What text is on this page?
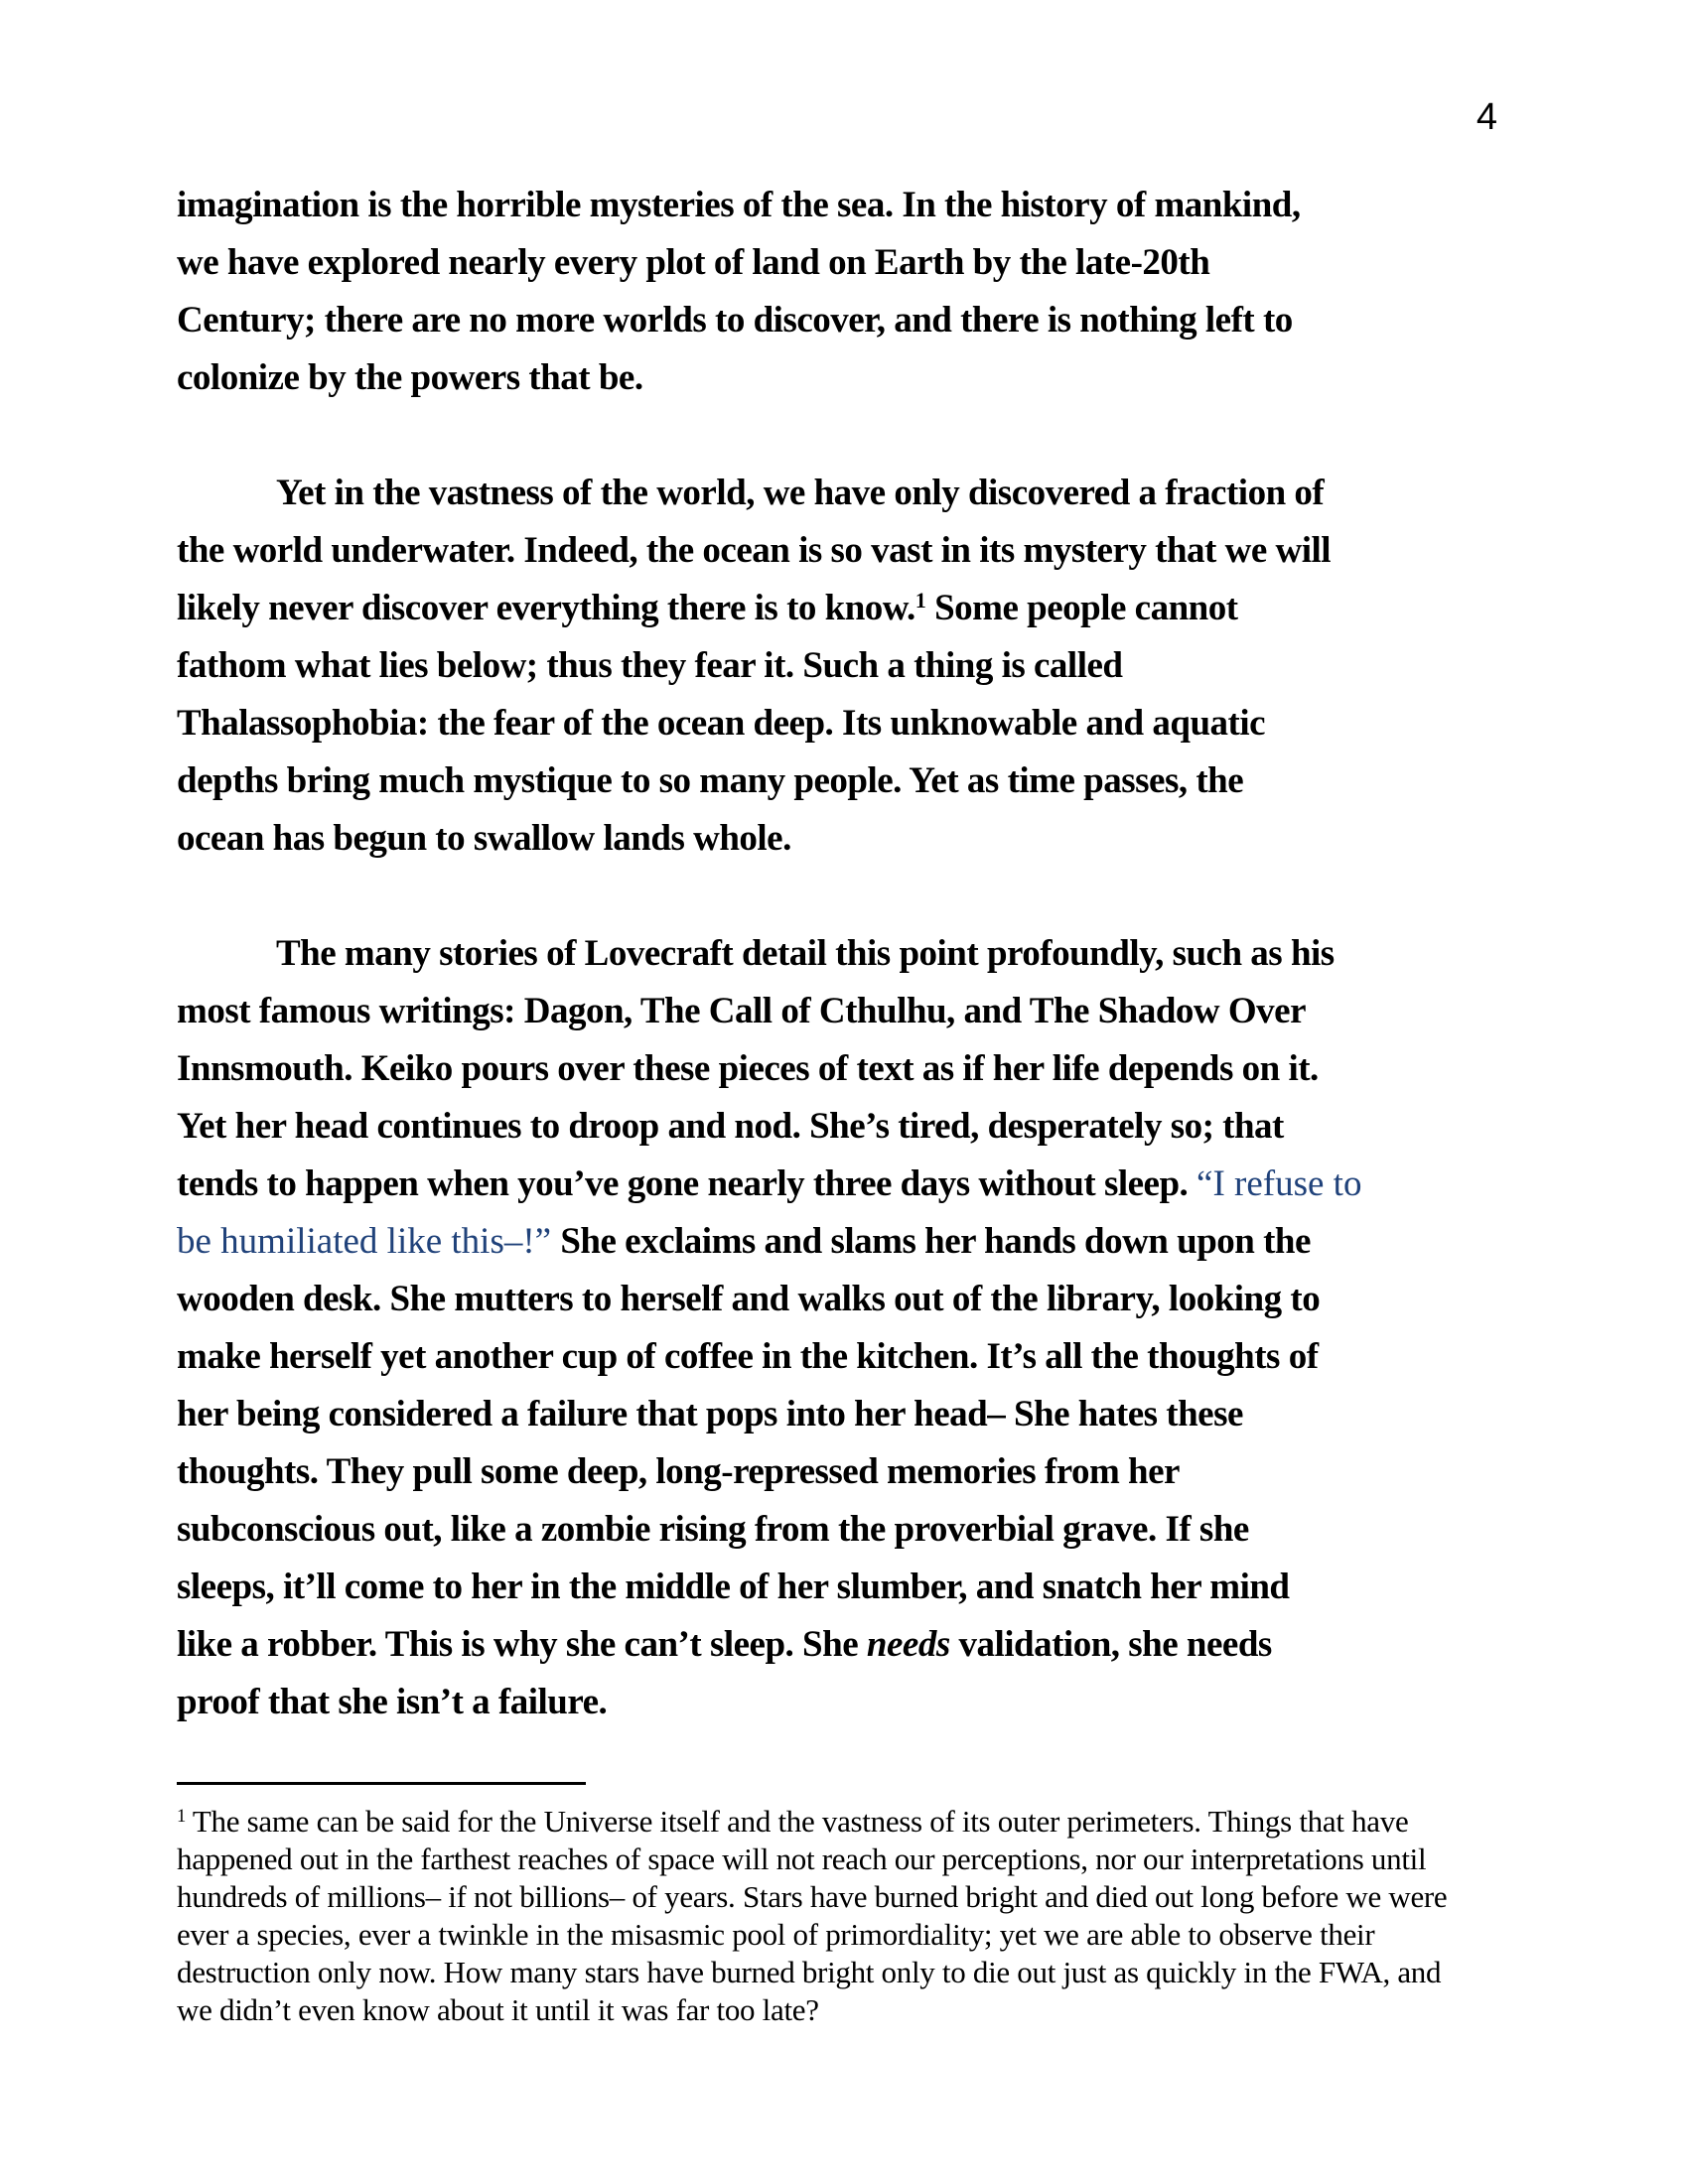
4
imagination is the horrible mysteries of the sea. In the history of mankind,
we have explored nearly every plot of land on Earth by the late-20th
Century; there are no more worlds to discover, and there is nothing left to
colonize by the powers that be.
Yet in the vastness of the world, we have only discovered a fraction of
the world underwater. Indeed, the ocean is so vast in its mystery that we will
likely never discover everything there is to know.$^1$ Some people cannot
fathom what lies below; thus they fear it. Such a thing is called
Thalassophobia: the fear of the ocean deep. Its unknowable and aquatic
depths bring much mystique to so many people. Yet as time passes, the
ocean has begun to swallow lands whole.
The many stories of Lovecraft detail this point profoundly, such as his
most famous writings: Dagon, The Call of Cthulhu, and The Shadow Over
Innsmouth. Keiko pours over these pieces of text as if her life depends on it.
Yet her head continues to droop and nod. She’s tired, desperately so; that
tends to happen when you’ve gone nearly three days without sleep. “I refuse to
be humiliated like this–!” She exclaims and slams her hands down upon the
wooden desk. She mutters to herself and walks out of the library, looking to
make herself yet another cup of coffee in the kitchen. It’s all the thoughts of
her being considered a failure that pops into her head– She hates these
thoughts. They pull some deep, long-repressed memories from her
subconscious out, like a zombie rising from the proverbial grave. If she
sleeps, it’ll come to her in the middle of her slumber, and snatch her mind
like a robber. This is why she can’t sleep. She needs validation, she needs
proof that she isn’t a failure.
$^1$ The same can be said for the Universe itself and the vastness of its outer perimeters. Things that have
happened out in the farthest reaches of space will not reach our perceptions, nor our interpretations until
hundreds of millions– if not billions– of years. Stars have burned bright and died out long before we were
ever a species, ever a twinkle in the misasmic pool of primordiality; yet we are able to observe their
destruction only now. How many stars have burned bright only to die out just as quickly in the FWA, and
we didn’t even know about it until it was far too late?
